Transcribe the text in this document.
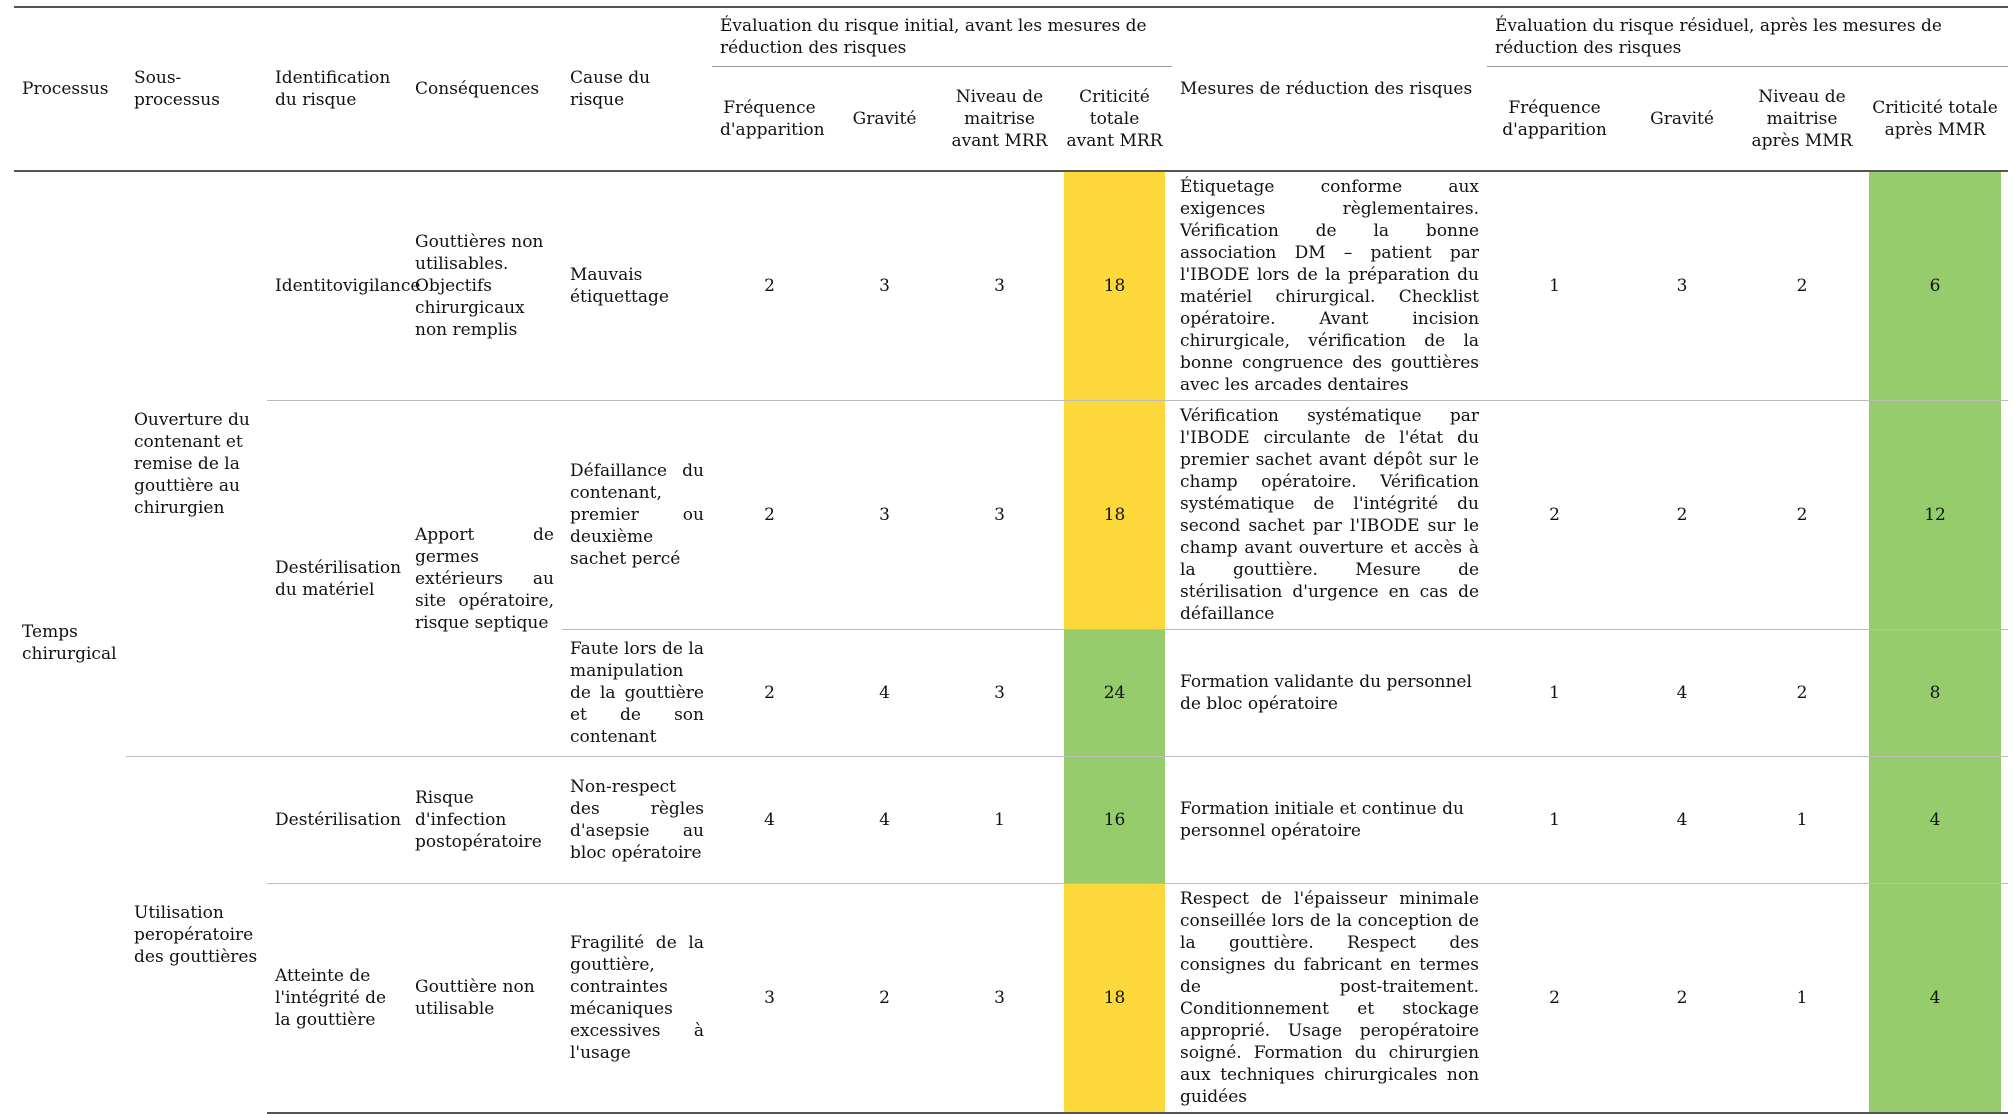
Processus	Sous-processus	Identification du risque	Conséquences	Cause du risque	Évaluation du risque initial, avant les mesures de réduction des risques				Mesures de réduction des risques	Évaluation du risque résiduel, après les mesures de réduction des risques			
					Fréquence d'apparition	Gravité	Niveau de maitrise avant MRR	Criticité totale avant MRR		Fréquence d'apparition	Gravité	Niveau de maitrise après MMR	Criticité totale après MMR
Temps chirurgical	Ouverture du contenant et remise de la gouttière au chirurgien	Identitovigilance	Gouttières non utilisables. Objectifs chirurgicaux non remplis	Mauvais étiquettage	2	3	3	18	Étiquetage conforme aux exigences règlementaires. Vérification de la bonne association DM – patient par l'IBODE lors de la préparation du matériel chirurgical. Checklist opératoire. Avant incision chirurgicale, vérification de la bonne congruence des gouttières avec les arcades dentaires	1	3	2	6

		Destérilisation du matériel	Apport de germes extérieurs au site opératoire, risque septique	Défaillance du contenant, premier ou deuxième sachet percé	2	3	3	18	Vérification systématique par l'IBODE circulante de l'état du premier sachet avant dépôt sur le champ opératoire. Vérification systématique de l'intégrité du second sachet par l'IBODE sur le champ avant ouverture et accès à la gouttière. Mesure de stérilisation d'urgence en cas de défaillance	2	2	2	12

				Faute lors de la manipulation de la gouttière et de son contenant	2	4	3	24	Formation validante du personnel de bloc opératoire	1	4	2	8

	Utilisation peropératoire des gouttières	Destérilisation	Risque d'infection postopératoire	Non-respect des règles d'asepsie au bloc opératoire	4	4	1	16	Formation initiale et continue du personnel opératoire	1	4	1	4

		Atteinte de l'intégrité de la gouttière	Gouttière non utilisable	Fragilité de la gouttière, contraintes mécaniques excessives à l'usage	3	2	3	18	Respect de l'épaisseur minimale conseillée lors de la conception de la gouttière. Respect des consignes du fabricant en termes de post-traitement. Conditionnement et stockage approprié. Usage peropératoire soigné. Formation du chirurgien aux techniques chirurgicales non guidées	2	2	1	4
